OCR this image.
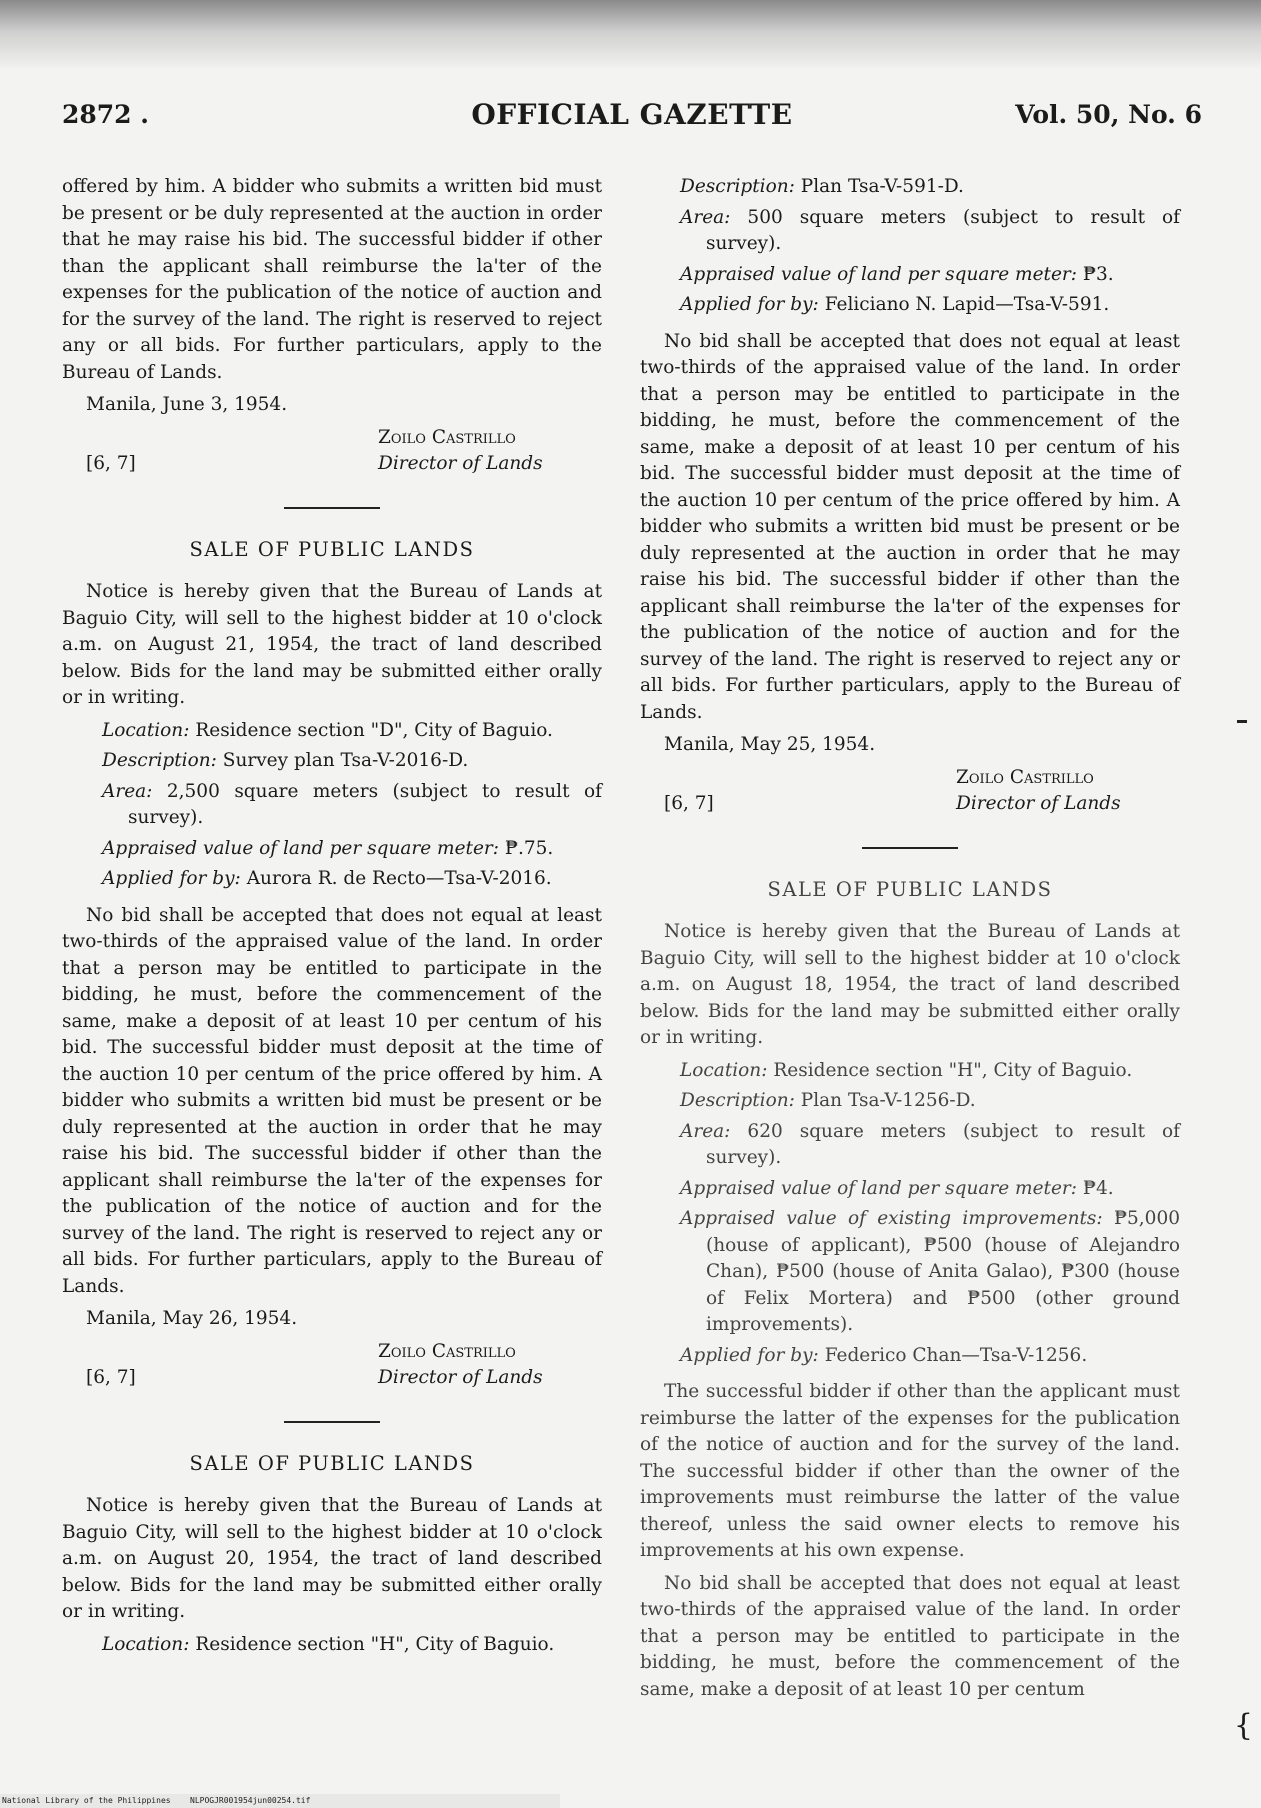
2872 .	OFFICIAL GAZETTE	Vol. 50, No. 6

offered by him. A bidder who submits a written bid must be present or be duly represented at the auction in order that he may raise his bid. The successful bidder if other than the applicant shall reimburse the la'ter of the expenses for the publication of the notice of auction and for the survey of the land. The right is reserved to reject any or all bids. For further particulars, apply to the Bureau of Lands.

Manila, June 3, 1954.

Zoilo Castrillo
[6, 7]	Director of Lands
SALE OF PUBLIC LANDS

Notice is hereby given that the Bureau of Lands at Baguio City, will sell to the highest bidder at 10 o'clock a.m. on August 21, 1954, the tract of land described below. Bids for the land may be submitted either orally or in writing.

Location: Residence section "D", City of Baguio.
Description: Survey plan Tsa-V-2016-D.
Area: 2,500 square meters (subject to result of survey).
Appraised value of land per square meter: ₱.75.
Applied for by: Aurora R. de Recto—Tsa-V-2016.

No bid shall be accepted that does not equal at least two-thirds of the appraised value of the land. In order that a person may be entitled to participate in the bidding, he must, before the commencement of the same, make a deposit of at least 10 per centum of his bid. The successful bidder must deposit at the time of the auction 10 per centum of the price offered by him. A bidder who submits a written bid must be present or be duly represented at the auction in order that he may raise his bid. The successful bidder if other than the applicant shall reimburse the la'ter of the expenses for the publication of the notice of auction and for the survey of the land. The right is reserved to reject any or all bids. For further particulars, apply to the Bureau of Lands.

Manila, May 26, 1954.

Zoilo Castrillo
[6, 7]	Director of Lands
SALE OF PUBLIC LANDS

Notice is hereby given that the Bureau of Lands at Baguio City, will sell to the highest bidder at 10 o'clock a.m. on August 20, 1954, the tract of land described below. Bids for the land may be submitted either orally or in writing.

Location: Residence section "H", City of Baguio.
Description: Plan Tsa-V-591-D.
Area: 500 square meters (subject to result of survey).
Appraised value of land per square meter: ₱3.
Applied for by: Feliciano N. Lapid—Tsa-V-591.

No bid shall be accepted that does not equal at least two-thirds of the appraised value of the land. In order that a person may be entitled to participate in the bidding, he must, before the commencement of the same, make a deposit of at least 10 per centum of his bid. The successful bidder must deposit at the time of the auction 10 per centum of the price offered by him. A bidder who submits a written bid must be present or be duly represented at the auction in order that he may raise his bid. The successful bidder if other than the applicant shall reimburse the la'ter of the expenses for the publication of the notice of auction and for the survey of the land. The right is reserved to reject any or all bids. For further particulars, apply to the Bureau of Lands.

Manila, May 25, 1954.

Zoilo Castrillo
[6, 7]	Director of Lands
SALE OF PUBLIC LANDS

Notice is hereby given that the Bureau of Lands at Baguio City, will sell to the highest bidder at 10 o'clock a.m. on August 18, 1954, the tract of land described below. Bids for the land may be submitted either orally or in writing.

Location: Residence section "H", City of Baguio.
Description: Plan Tsa-V-1256-D.
Area: 620 square meters (subject to result of survey).
Appraised value of land per square meter: ₱4.
Appraised value of existing improvements: ₱5,000 (house of applicant), ₱500 (house of Alejandro Chan), ₱500 (house of Anita Galao), ₱300 (house of Felix Mortera) and ₱500 (other ground improvements).
Applied for by: Federico Chan—Tsa-V-1256.

The successful bidder if other than the applicant must reimburse the latter of the expenses for the publication of the notice of auction and for the survey of the land. The successful bidder if other than the owner of the improvements must reimburse the latter of the value thereof, unless the said owner elects to remove his improvements at his own expense.

No bid shall be accepted that does not equal at least two-thirds of the appraised value of the land. In order that a person may be entitled to participate in the bidding, he must, before the commencement of the same, make a deposit of at least 10 per centum

{
National Library of the Philippines NLPOGJR001954jun00254.tif
